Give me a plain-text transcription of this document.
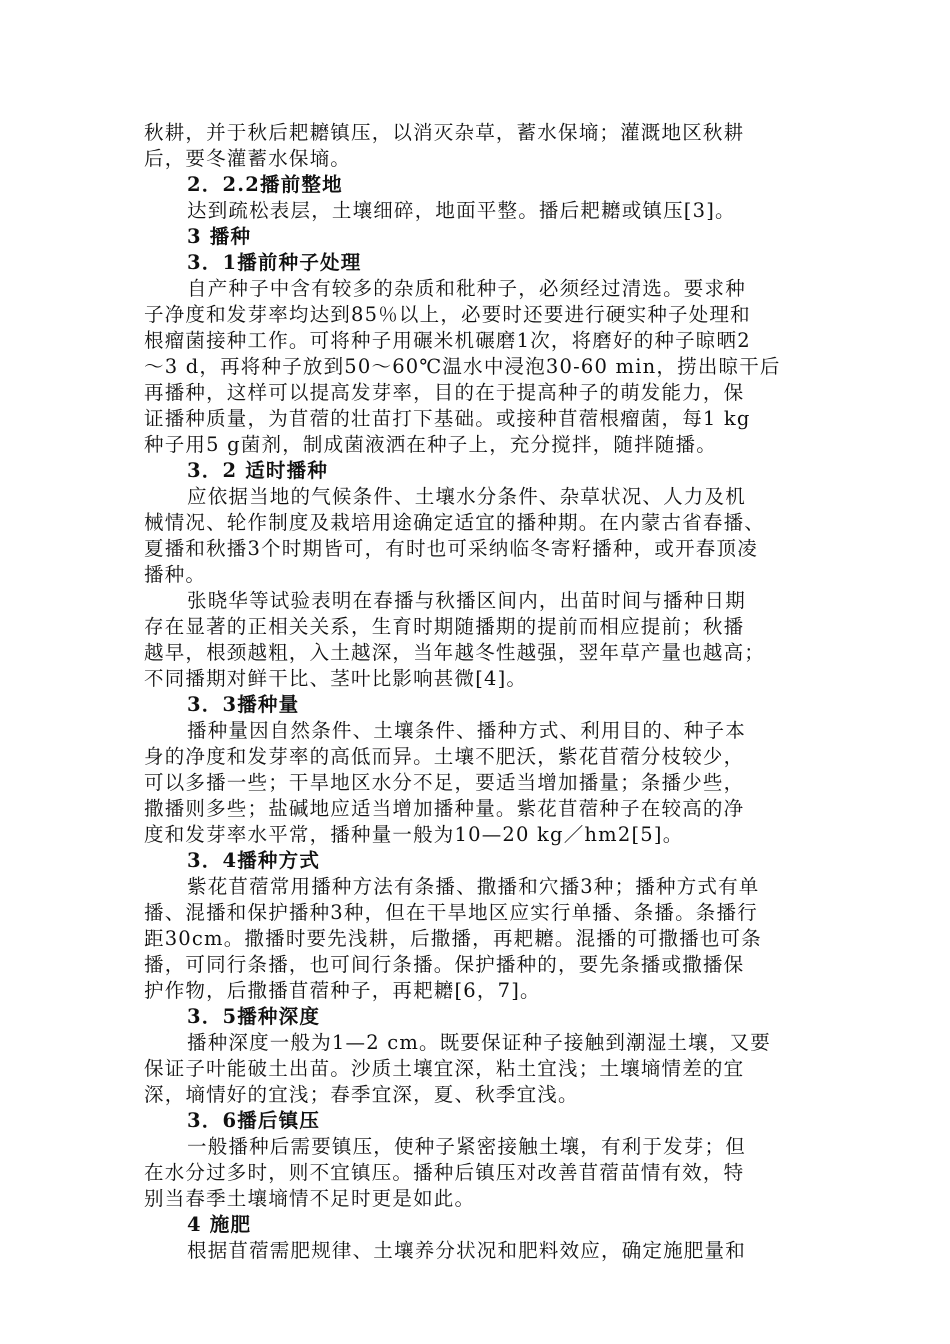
秋耕，并于秋后耙耱镇压，以消灭杂草，蓄水保墒；灌溉地区秋耕
后，要冬灌蓄水保墒。
2．2.2播前整地
达到疏松表层，土壤细碎，地面平整。播后耙耱或镇压[3]。
3 播种
3．1播前种子处理
自产种子中含有较多的杂质和秕种子，必须经过清选。要求种
子净度和发芽率均达到85％以上，必要时还要进行硬实种子处理和
根瘤菌接种工作。可将种子用碾米机碾磨1次，将磨好的种子晾晒2
～3 d，再将种子放到50～60℃温水中浸泡30-60 min，捞出晾干后
再播种，这样可以提高发芽率，目的在于提高种子的萌发能力，保
证播种质量，为苜蓿的壮苗打下基础。或接种苜蓿根瘤菌，每1 kg
种子用5 g菌剂，制成菌液洒在种子上，充分搅拌，随拌随播。
3．2 适时播种
应依据当地的气候条件、土壤水分条件、杂草状况、人力及机
械情况、轮作制度及栽培用途确定适宜的播种期。在内蒙古省春播、
夏播和秋播3个时期皆可，有时也可采纳临冬寄籽播种，或开春顶凌
播种。
张晓华等试验表明在春播与秋播区间内，出苗时间与播种日期
存在显著的正相关关系，生育时期随播期的提前而相应提前；秋播
越早，根颈越粗，入土越深，当年越冬性越强，翌年草产量也越高；
不同播期对鲜干比、茎叶比影响甚微[4]。
3．3播种量
播种量因自然条件、土壤条件、播种方式、利用目的、种子本
身的净度和发芽率的高低而异。土壤不肥沃，紫花苜蓿分枝较少，
可以多播一些；干旱地区水分不足，要适当增加播量；条播少些，
撒播则多些；盐碱地应适当增加播种量。紫花苜蓿种子在较高的净
度和发芽率水平常，播种量一般为10—20 kg／hm2[5]。
3．4播种方式
紫花苜蓿常用播种方法有条播、撒播和穴播3种；播种方式有单
播、混播和保护播种3种，但在干旱地区应实行单播、条播。条播行
距30cm。撒播时要先浅耕，后撒播，再耙耱。混播的可撒播也可条
播，可同行条播，也可间行条播。保护播种的，要先条播或撒播保
护作物，后撒播苜蓿种子，再耙耱[6，7]。
3．5播种深度
播种深度一般为1—2 cm。既要保证种子接触到潮湿土壤，又要
保证子叶能破土出苗。沙质土壤宜深，粘土宜浅；土壤墒情差的宜
深，墒情好的宜浅；春季宜深，夏、秋季宜浅。
3．6播后镇压
一般播种后需要镇压，使种子紧密接触土壤，有利于发芽；但
在水分过多时，则不宜镇压。播种后镇压对改善苜蓿苗情有效，特
别当春季土壤墒情不足时更是如此。
4 施肥
根据苜蓿需肥规律、土壤养分状况和肥料效应，确定施肥量和
